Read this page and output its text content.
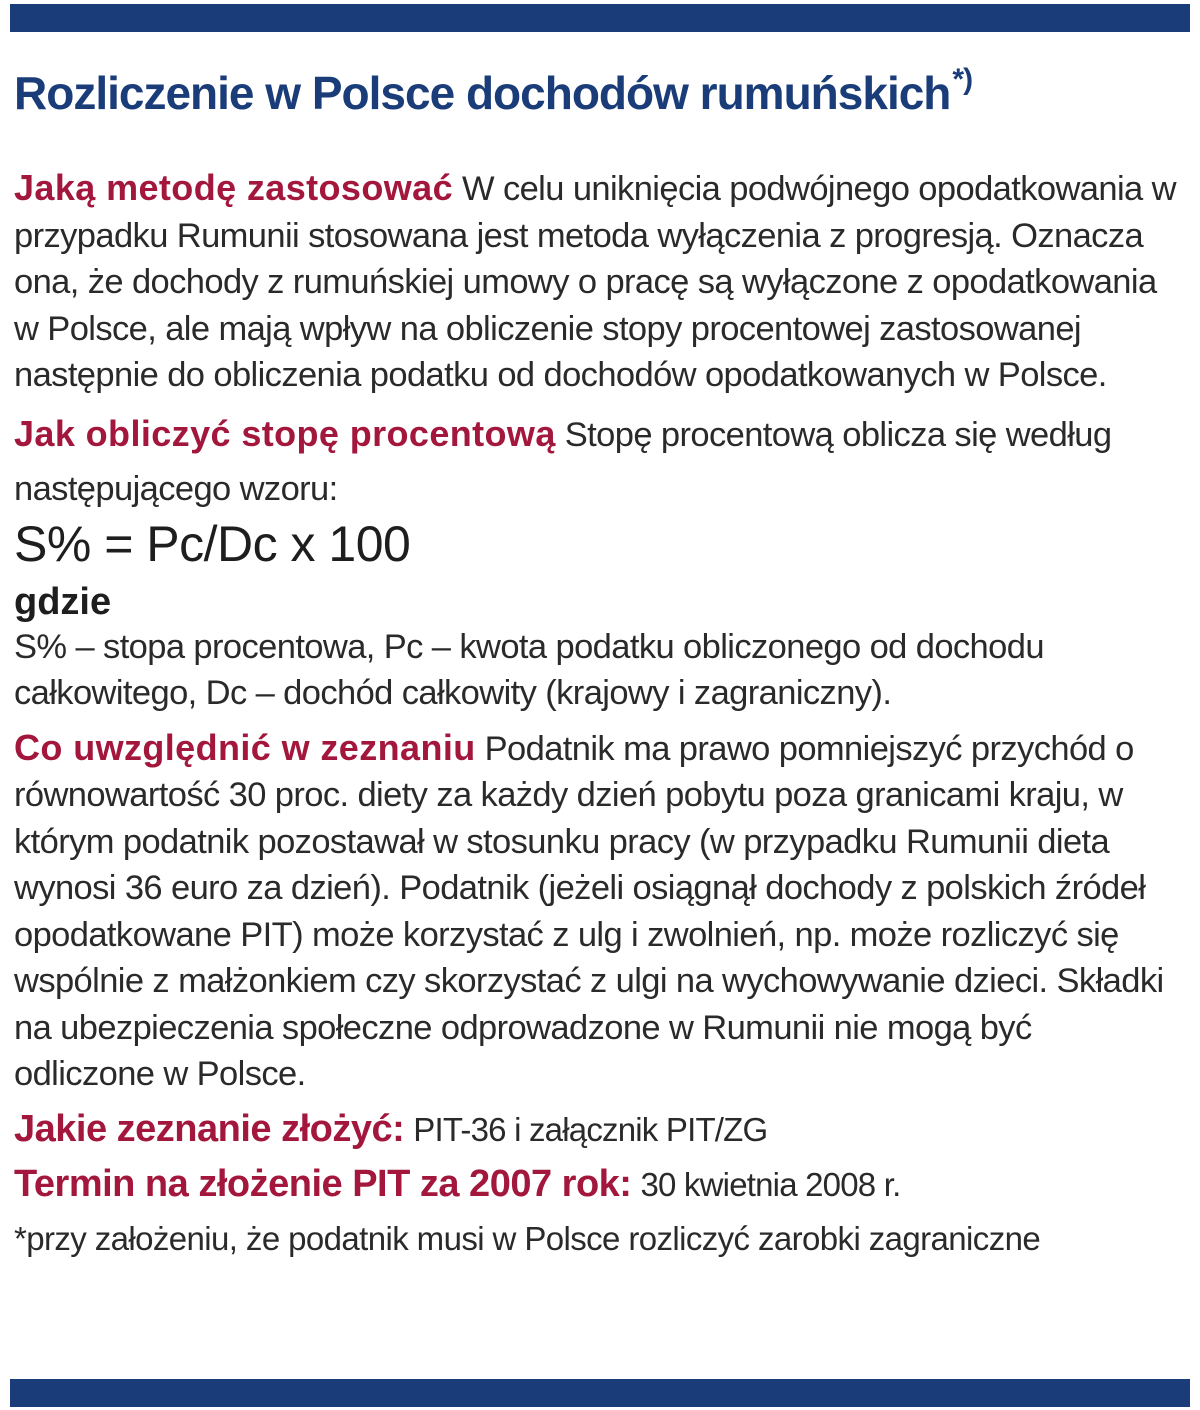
Rozliczenie w Polsce dochodów rumuńskich*)

Jaką metodę zastosować W celu uniknięcia podwójnego opodatkowania w przypadku Rumunii stosowana jest metoda wyłączenia z progresją. Oznacza ona, że dochody z rumuńskiej umowy o pracę są wyłączone z opodatkowania w Polsce, ale mają wpływ na obliczenie stopy procentowej zastosowanej następnie do obliczenia podatku od dochodów opodatkowanych w Polsce.

Jak obliczyć stopę procentową Stopę procentową oblicza się według następującego wzoru:

S% = Pc/Dc x 100
gdzie

S% – stopa procentowa, Pc – kwota podatku obliczonego od dochodu całkowitego, Dc – dochód całkowity (krajowy i zagraniczny).

Co uwzględnić w zeznaniu Podatnik ma prawo pomniejszyć przychód o równowartość 30 proc. diety za każdy dzień pobytu poza granicami kraju, w którym podatnik pozostawał w stosunku pracy (w przypadku Rumunii dieta wynosi 36 euro za dzień). Podatnik (jeżeli osiągnął dochody z polskich źródeł opodatkowane PIT) może korzystać z ulg i zwolnień, np. może rozliczyć się wspólnie z małżonkiem czy skorzystać z ulgi na wychowywanie dzieci. Składki na ubezpieczenia społeczne odprowadzone w Rumunii nie mogą być odliczone w Polsce.

Jakie zeznanie złożyć: PIT-36 i załącznik PIT/ZG

Termin na złożenie PIT za 2007 rok: 30 kwietnia 2008 r.

*przy założeniu, że podatnik musi w Polsce rozliczyć zarobki zagraniczne
